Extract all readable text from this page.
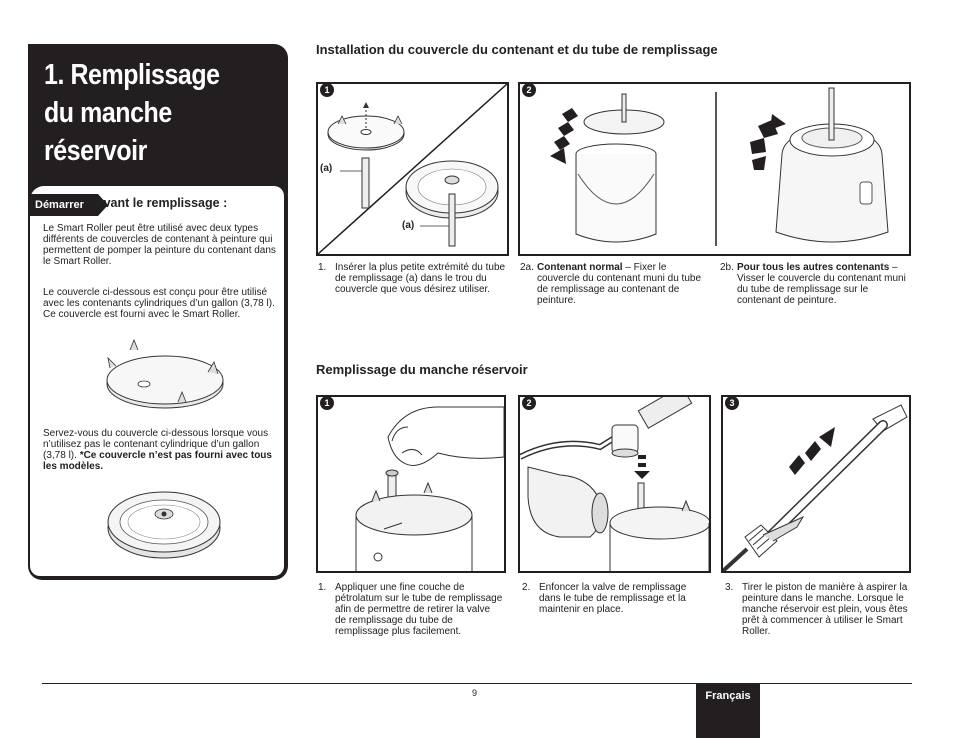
1. Remplissage
du manche
réservoir
Démarrer Avant le remplissage :
Le Smart Roller peut être utilisé avec deux types différents de couvercles de contenant à peinture qui permettent de pomper la peinture du contenant dans le Smart Roller.
Le couvercle ci-dessous est conçu pour être utilisé avec les contenants cylindriques d’un gallon (3,78 l). Ce couvercle est fourni avec le Smart Roller.
Servez-vous du couvercle ci-dessous lorsque vous n’utilisez pas le contenant cylindrique d’un gallon (3,78 l). *Ce couvercle n’est pas fourni avec tous les modèles.
Installation du couvercle du contenant et du tube de remplissage
1
(a)
(a)
2
1. Insérer la plus petite extrémité du tube de remplissage (a) dans le trou du couvercle que vous désirez utiliser.
2a. Contenant normal – Fixer le couvercle du contenant muni du tube de remplissage au contenant de peinture.
2b. Pour tous les autres contenants – Visser le couvercle du contenant muni du tube de remplissage sur le contenant de peinture.
Remplissage du manche réservoir
1	2	3
1. Appliquer une fine couche de pétrolatum sur le tube de remplissage afin de permettre de retirer la valve de remplissage du tube de remplissage plus facilement.
2. Enfoncer la valve de remplissage dans le tube de remplissage et la maintenir en place.
3. Tirer le piston de manière à aspirer la peinture dans le manche. Lorsque le manche réservoir est plein, vous êtes prêt à commencer à utiliser le Smart Roller.
9	Français
